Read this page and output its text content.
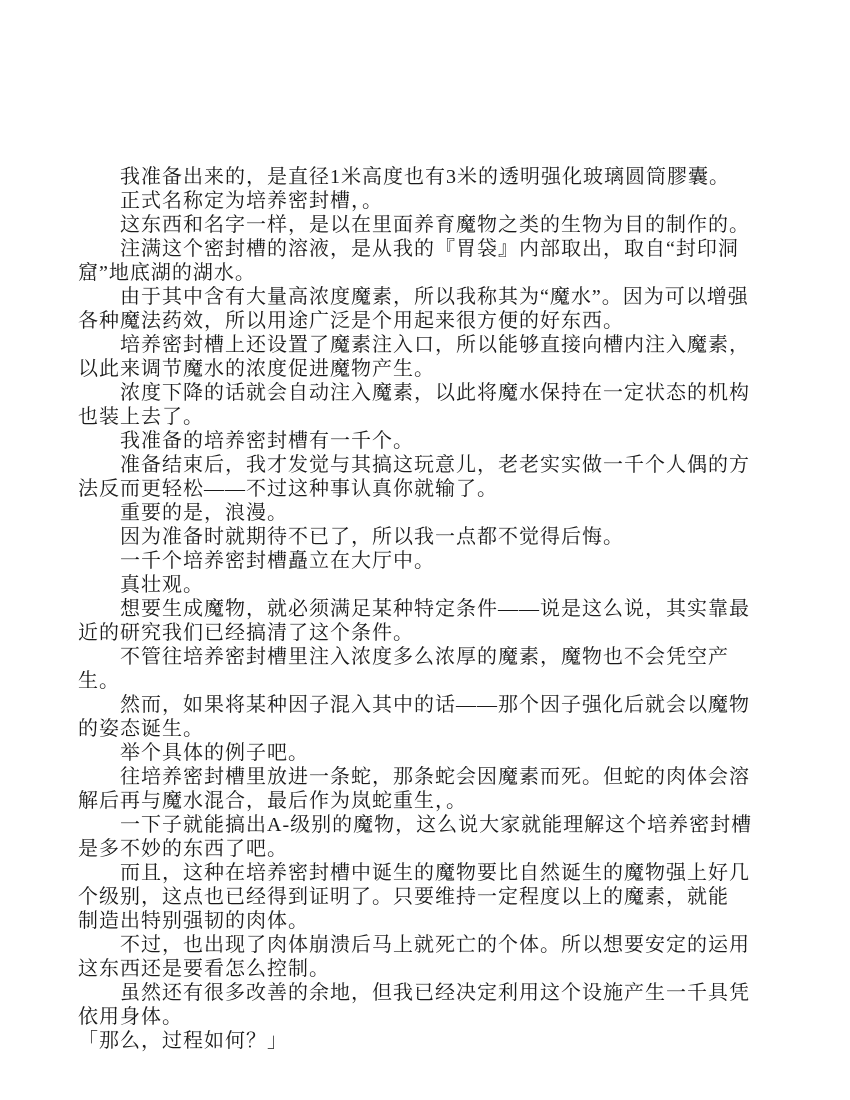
　　我准备出来的，是直径1米高度也有3米的透明强化玻璃圆筒膠囊。
　　正式名称定为培养密封槽，。
　　这东西和名字一样，是以在里面养育魔物之类的生物为目的制作的。
　　注满这个密封槽的溶液，是从我的『胃袋』内部取出，取自“封印洞
窟”地底湖的湖水。
　　由于其中含有大量高浓度魔素，所以我称其为“魔水”。因为可以增强
各种魔法药效，所以用途广泛是个用起来很方便的好东西。
　　培养密封槽上还设置了魔素注入口，所以能够直接向槽内注入魔素，
以此来调节魔水的浓度促进魔物产生。
　　浓度下降的话就会自动注入魔素，以此将魔水保持在一定状态的机构
也装上去了。
　　我准备的培养密封槽有一千个。
　　准备结束后，我才发觉与其搞这玩意儿，老老实实做一千个人偶的方
法反而更轻松——不过这种事认真你就输了。
　　重要的是，浪漫。
　　因为准备时就期待不已了，所以我一点都不觉得后悔。
　　一千个培养密封槽矗立在大厅中。
　　真壮观。
　　想要生成魔物，就必须满足某种特定条件——说是这么说，其实靠最
近的研究我们已经搞清了这个条件。
　　不管往培养密封槽里注入浓度多么浓厚的魔素，魔物也不会凭空产
生。
　　然而，如果将某种因子混入其中的话——那个因子强化后就会以魔物
的姿态诞生。
　　举个具体的例子吧。
　　往培养密封槽里放进一条蛇，那条蛇会因魔素而死。但蛇的肉体会溶
解后再与魔水混合，最后作为岚蛇重生，。
　　一下子就能搞出A-级别的魔物，这么说大家就能理解这个培养密封槽
是多不妙的东西了吧。
　　而且，这种在培养密封槽中诞生的魔物要比自然诞生的魔物强上好几
个级别，这点也已经得到证明了。只要维持一定程度以上的魔素，就能
制造出特别强韧的肉体。
　　不过，也出现了肉体崩溃后马上就死亡的个体。所以想要安定的运用
这东西还是要看怎么控制。
　　虽然还有很多改善的余地，但我已经决定利用这个设施产生一千具凭
依用身体。
「那么，过程如何？」
